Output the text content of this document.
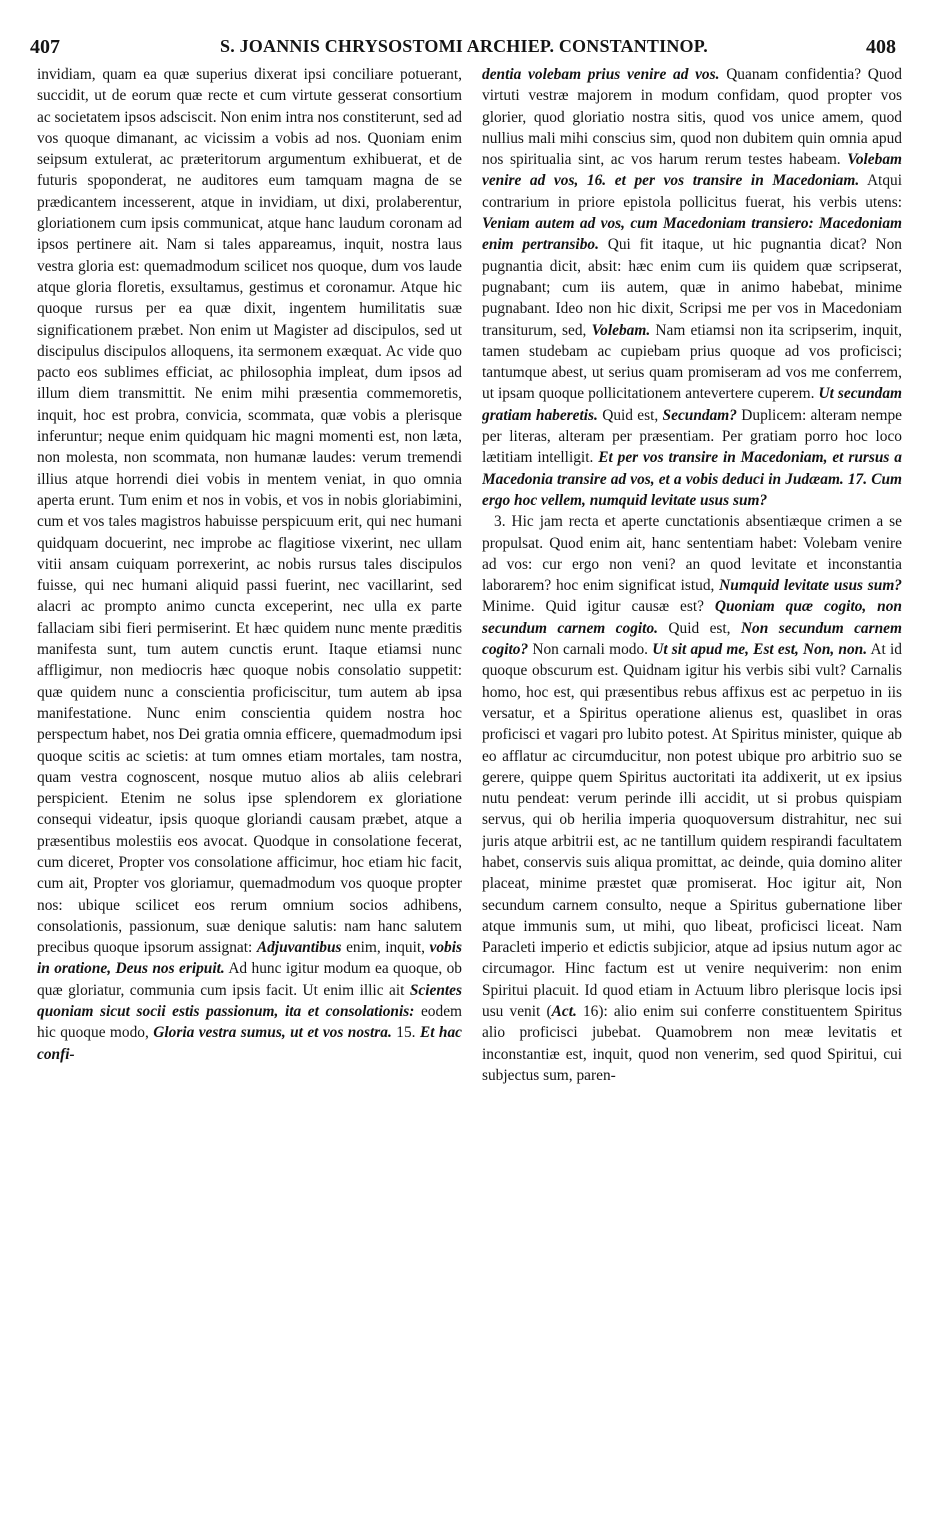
407	S. JOANNIS CHRYSOSTOMI ARCHIEP. CONSTANTINOP.	408

invidiam, quam ea quæ superius dixerat ipsi conciliare potuerant, succidit, ut de eorum quæ recte et cum virtute gesserat consortium ac societatem ipsos adsciscit. Non enim intra nos constiterunt, sed ad vos quoque dimanant, ac vicissim a vobis ad nos. Quoniam enim seipsum extulerat, ac præteritorum argumentum exhibuerat, et de futuris spoponderat, ne auditores eum tamquam magna de se prædicantem incesserent, atque in invidiam, ut dixi, prolaberentur, gloriationem cum ipsis communicat, atque hanc laudum coronam ad ipsos pertinere ait. Nam si tales appareamus, inquit, nostra laus vestra gloria est: quemadmodum scilicet nos quoque, dum vos laude atque gloria floretis, exsultamus, gestimus et coronamur. Atque hic quoque rursus per ea quæ dixit, ingentem humilitatis suæ significationem præbet. Non enim ut Magister ad discipulos, sed ut discipulus discipulos alloquens, ita sermonem exæquat. Ac vide quo pacto eos sublimes efficiat, ac philosophia impleat, dum ipsos ad illum diem transmittit. Ne enim mihi præsentia commemoretis, inquit, hoc est probra, convicia, scommata, quæ vobis a plerisque inferuntur; neque enim quidquam hic magni momenti est, non læta, non molesta, non scommata, non humanæ laudes: verum tremendi illius atque horrendi diei vobis in mentem veniat, in quo omnia aperta erunt. Tum enim et nos in vobis, et vos in nobis gloriabimini, cum et vos tales magistros habuisse perspicuum erit, qui nec humani quidquam docuerint, nec improbe ac flagitiose vixerint, nec ullam vitii ansam cuiquam porrexerint, ac nobis rursus tales discipulos fuisse, qui nec humani aliquid passi fuerint, nec vacillarint, sed alacri ac prompto animo cuncta exceperint, nec ulla ex parte fallaciam sibi fieri permiserint. Et hæc quidem nunc mente præditis manifesta sunt, tum autem cunctis erunt. Itaque etiamsi nunc affligimur, non mediocris hæc quoque nobis consolatio suppetit: quæ quidem nunc a conscientia proficiscitur, tum autem ab ipsa manifestatione. Nunc enim conscientia quidem nostra hoc perspectum habet, nos Dei gratia omnia efficere, quemadmodum ipsi quoque scitis ac scietis: at tum omnes etiam mortales, tam nostra, quam vestra cognoscent, nosque mutuo alios ab aliis celebrari perspicient. Etenim ne solus ipse splendorem ex gloriatione consequi videatur, ipsis quoque gloriandi causam præbet, atque a præsentibus molestiis eos avocat. Quodque in consolatione fecerat, cum diceret, Propter vos consolatione afficimur, hoc etiam hic facit, cum ait, Propter vos gloriamur, quemadmodum vos quoque propter nos: ubique scilicet eos rerum omnium socios adhibens, consolationis, passionum, suæ denique salutis: nam hanc salutem precibus quoque ipsorum assignat: Adjuvantibus enim, inquit, vobis in oratione, Deus nos eripuit. Ad hunc igitur modum ea quoque, ob quæ gloriatur, communia cum ipsis facit. Ut enim illic ait Scientes quoniam sicut socii estis passionum, ita et consolationis: eodem hic quoque modo, Gloria vestra sumus, ut et vos nostra. 15. Et hac confi-

dentia volebam prius venire ad vos. Quanam confidentia? Quod virtuti vestræ majorem in modum confidam, quod propter vos glorier, quod gloriatio nostra sitis, quod vos unice amem, quod nullius mali mihi conscius sim, quod non dubitem quin omnia apud nos spiritualia sint, ac vos harum rerum testes habeam. Volebam venire ad vos, 16. et per vos transire in Macedoniam. Atqui contrarium in priore epistola pollicitus fuerat, his verbis utens: Veniam autem ad vos, cum Macedoniam transiero: Macedoniam enim pertransibo. Qui fit itaque, ut hic pugnantia dicat? Non pugnantia dicit, absit: hæc enim cum iis quidem quæ scripserat, pugnabant; cum iis autem, quæ in animo habebat, minime pugnabant. Ideo non hic dixit, Scripsi me per vos in Macedoniam transiturum, sed, Volebam. Nam etiamsi non ita scripserim, inquit, tamen studebam ac cupiebam prius quoque ad vos proficisci; tantumque abest, ut serius quam promiseram ad vos me conferrem, ut ipsam quoque pollicitationem antevertere cuperem. Ut secundam gratiam haberetis. Quid est, Secundam? Duplicem: alteram nempe per literas, alteram per præsentiam. Per gratiam porro hoc loco lætitiam intelligit. Et per vos transire in Macedoniam, et rursus a Macedonia transire ad vos, et a vobis deduci in Judæam. 17. Cum ergo hoc vellem, numquid levitate usus sum?

3. Hic jam recta et aperte cunctationis absentiæque crimen a se propulsat. Quod enim ait, hanc sententiam habet: Volebam venire ad vos: cur ergo non veni? an quod levitate et inconstantia laborarem? hoc enim significat istud, Numquid levitate usus sum? Minime. Quid igitur causæ est? Quoniam quæ cogito, non secundum carnem cogito. Quid est, Non secundum carnem cogito? Non carnali modo. Ut sit apud me, Est est, Non, non. At id quoque obscurum est. Quidnam igitur his verbis sibi vult? Carnalis homo, hoc est, qui præsentibus rebus affixus est ac perpetuo in iis versatur, et a Spiritus operatione alienus est, quaslibet in oras proficisci et vagari pro lubito potest. At Spiritus minister, quique ab eo afflatur ac circumducitur, non potest ubique pro arbitrio suo se gerere, quippe quem Spiritus auctoritati ita addixerit, ut ex ipsius nutu pendeat: verum perinde illi accidit, ut si probus quispiam servus, qui ob herilia imperia quoquoversum distrahitur, nec sui juris atque arbitrii est, ac ne tantillum quidem respirandi facultatem habet, conservis suis aliqua promittat, ac deinde, quia domino aliter placeat, minime præstet quæ promiserat. Hoc igitur ait, Non secundum carnem consulto, neque a Spiritus gubernatione liber atque immunis sum, ut mihi, quo libeat, proficisci liceat. Nam Paracleti imperio et edictis subjicior, atque ad ipsius nutum agor ac circumagor. Hinc factum est ut venire nequiverim: non enim Spiritui placuit. Id quod etiam in Actuum libro plerisque locis ipsi usu venit (Act. 16): alio enim sui conferre constituentem Spiritus alio proficisci jubebat. Quamobrem non meæ levitatis et inconstantiæ est, inquit, quod non venerim, sed quod Spiritui, cui subjectus sum, paren-
